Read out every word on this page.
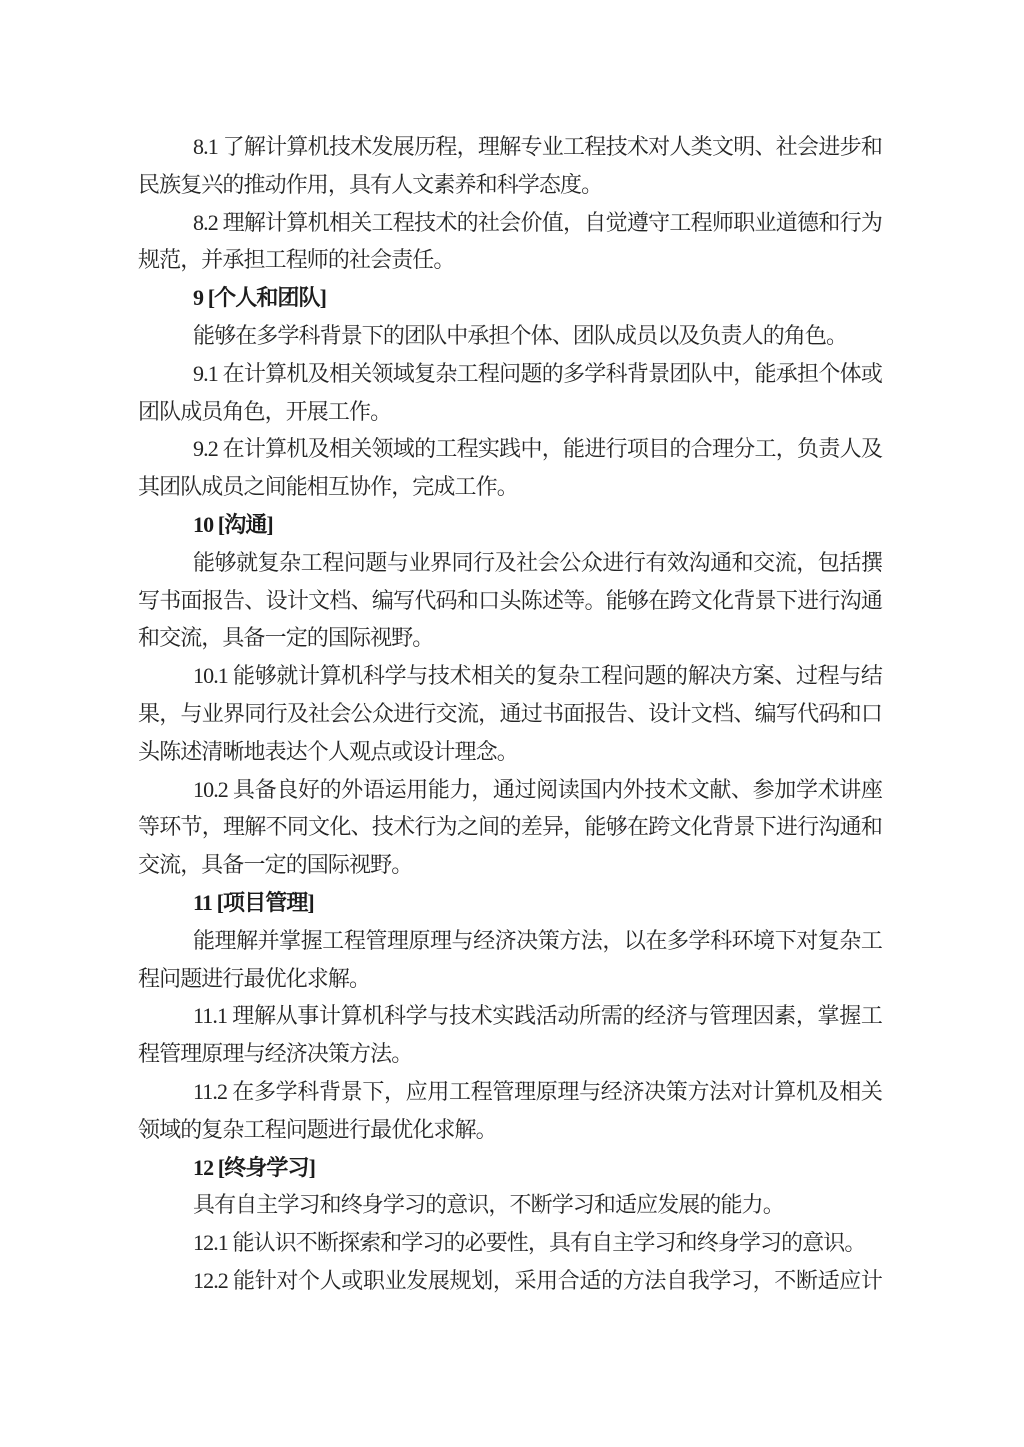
8.1 了解计算机技术发展历程，理解专业工程技术对人类文明、社会进步和民族复兴的推动作用，具有人文素养和科学态度。

8.2 理解计算机相关工程技术的社会价值，自觉遵守工程师职业道德和行为规范，并承担工程师的社会责任。

9 [个人和团队]

能够在多学科背景下的团队中承担个体、团队成员以及负责人的角色。

9.1 在计算机及相关领域复杂工程问题的多学科背景团队中，能承担个体或团队成员角色，开展工作。

9.2 在计算机及相关领域的工程实践中，能进行项目的合理分工，负责人及其团队成员之间能相互协作，完成工作。

10 [沟通]

能够就复杂工程问题与业界同行及社会公众进行有效沟通和交流，包括撰写书面报告、设计文档、编写代码和口头陈述等。能够在跨文化背景下进行沟通和交流，具备一定的国际视野。

10.1 能够就计算机科学与技术相关的复杂工程问题的解决方案、过程与结果，与业界同行及社会公众进行交流，通过书面报告、设计文档、编写代码和口头陈述清晰地表达个人观点或设计理念。

10.2 具备良好的外语运用能力，通过阅读国内外技术文献、参加学术讲座等环节，理解不同文化、技术行为之间的差异，能够在跨文化背景下进行沟通和交流，具备一定的国际视野。

11 [项目管理]

能理解并掌握工程管理原理与经济决策方法，以在多学科环境下对复杂工程问题进行最优化求解。

11.1 理解从事计算机科学与技术实践活动所需的经济与管理因素，掌握工程管理原理与经济决策方法。

11.2 在多学科背景下，应用工程管理原理与经济决策方法对计算机及相关领域的复杂工程问题进行最优化求解。

12 [终身学习]

具有自主学习和终身学习的意识，不断学习和适应发展的能力。

12.1 能认识不断探索和学习的必要性，具有自主学习和终身学习的意识。

12.2 能针对个人或职业发展规划，采用合适的方法自我学习，不断适应计
